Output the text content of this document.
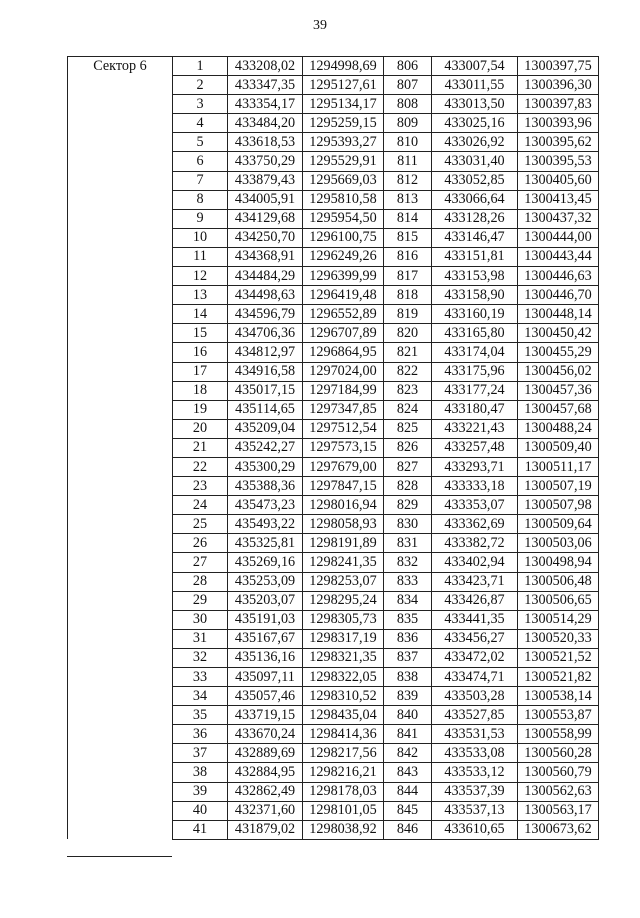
39
Сектор 6	1	433208,02	1294998,69	806	433007,54	1300397,75
	2	433347,35	1295127,61	807	433011,55	1300396,30
	3	433354,17	1295134,17	808	433013,50	1300397,83
	4	433484,20	1295259,15	809	433025,16	1300393,96
	5	433618,53	1295393,27	810	433026,92	1300395,62
	6	433750,29	1295529,91	811	433031,40	1300395,53
	7	433879,43	1295669,03	812	433052,85	1300405,60
	8	434005,91	1295810,58	813	433066,64	1300413,45
	9	434129,68	1295954,50	814	433128,26	1300437,32
	10	434250,70	1296100,75	815	433146,47	1300444,00
	11	434368,91	1296249,26	816	433151,81	1300443,44
	12	434484,29	1296399,99	817	433153,98	1300446,63
	13	434498,63	1296419,48	818	433158,90	1300446,70
	14	434596,79	1296552,89	819	433160,19	1300448,14
	15	434706,36	1296707,89	820	433165,80	1300450,42
	16	434812,97	1296864,95	821	433174,04	1300455,29
	17	434916,58	1297024,00	822	433175,96	1300456,02
	18	435017,15	1297184,99	823	433177,24	1300457,36
	19	435114,65	1297347,85	824	433180,47	1300457,68
	20	435209,04	1297512,54	825	433221,43	1300488,24
	21	435242,27	1297573,15	826	433257,48	1300509,40
	22	435300,29	1297679,00	827	433293,71	1300511,17
	23	435388,36	1297847,15	828	433333,18	1300507,19
	24	435473,23	1298016,94	829	433353,07	1300507,98
	25	435493,22	1298058,93	830	433362,69	1300509,64
	26	435325,81	1298191,89	831	433382,72	1300503,06
	27	435269,16	1298241,35	832	433402,94	1300498,94
	28	435253,09	1298253,07	833	433423,71	1300506,48
	29	435203,07	1298295,24	834	433426,87	1300506,65
	30	435191,03	1298305,73	835	433441,35	1300514,29
	31	435167,67	1298317,19	836	433456,27	1300520,33
	32	435136,16	1298321,35	837	433472,02	1300521,52
	33	435097,11	1298322,05	838	433474,71	1300521,82
	34	435057,46	1298310,52	839	433503,28	1300538,14
	35	433719,15	1298435,04	840	433527,85	1300553,87
	36	433670,24	1298414,36	841	433531,53	1300558,99
	37	432889,69	1298217,56	842	433533,08	1300560,28
	38	432884,95	1298216,21	843	433533,12	1300560,79
	39	432862,49	1298178,03	844	433537,39	1300562,63
	40	432371,60	1298101,05	845	433537,13	1300563,17
	41	431879,02	1298038,92	846	433610,65	1300673,62
